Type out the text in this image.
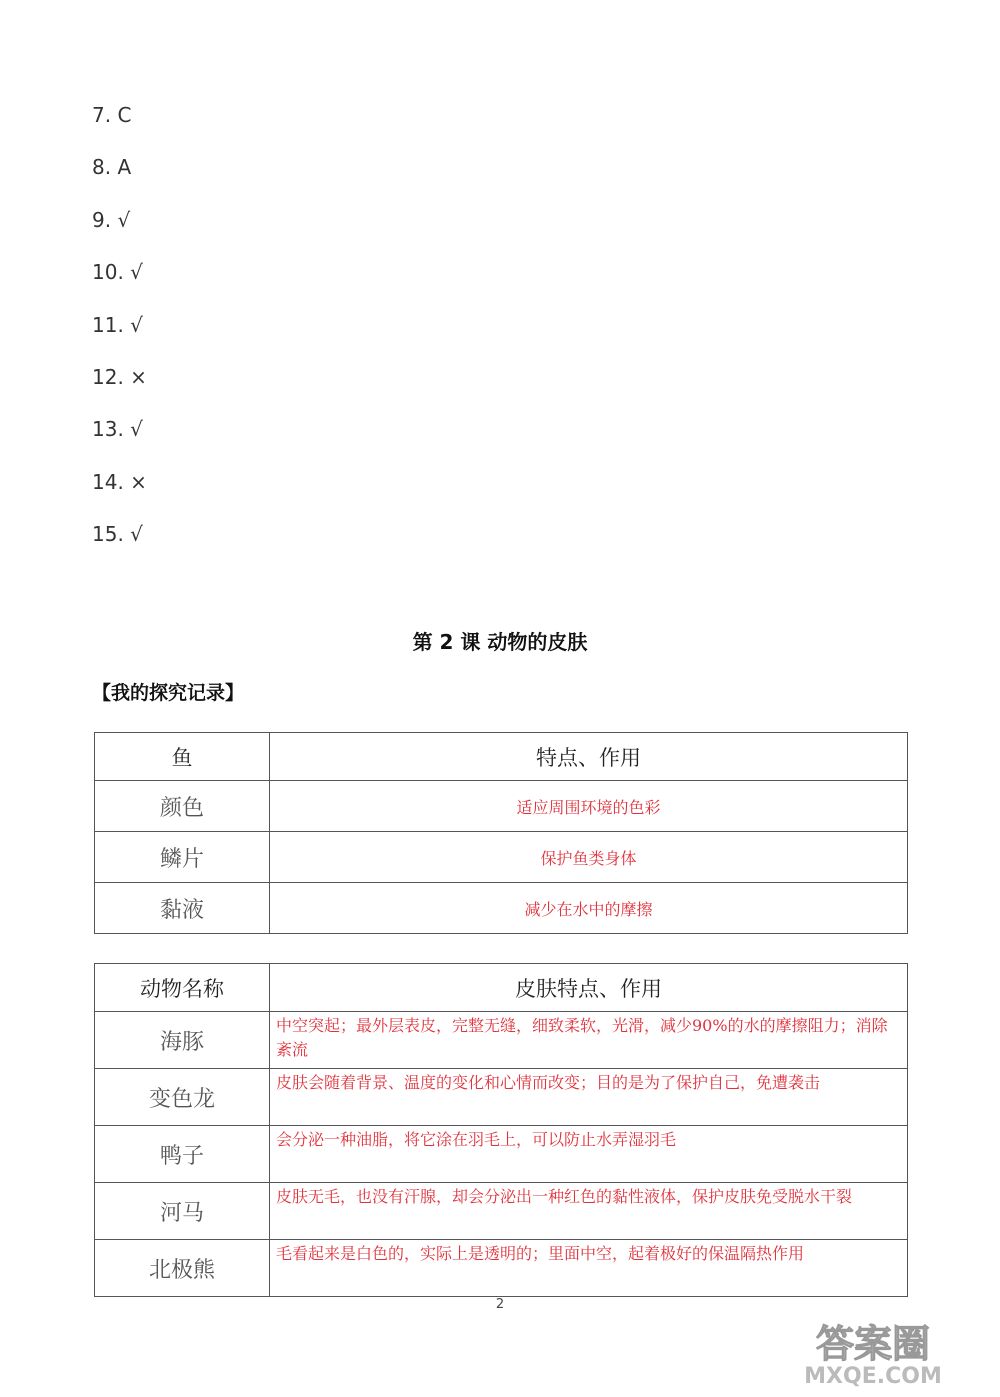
7. C
8. A
9. √
10. √
11. √
12. ×
13. √
14. ×
15. √
第 2 课 动物的皮肤
【我的探究记录】
鱼	特点、作用
颜色	适应周围环境的色彩
鳞片	保护鱼类身体
黏液	减少在水中的摩擦
动物名称	皮肤特点、作用
海豚	中空突起；最外层表皮，完整无缝，细致柔软，光滑，减少90%的水的摩擦阻力；消除紊流
变色龙	皮肤会随着背景、温度的变化和心情而改变；目的是为了保护自己，免遭袭击
鸭子	会分泌一种油脂，将它涂在羽毛上，可以防止水弄湿羽毛
河马	皮肤无毛，也没有汗腺，却会分泌出一种红色的黏性液体，保护皮肤免受脱水干裂
北极熊	毛看起来是白色的，实际上是透明的；里面中空，起着极好的保温隔热作用
2
答案圈
MXQE.COM
